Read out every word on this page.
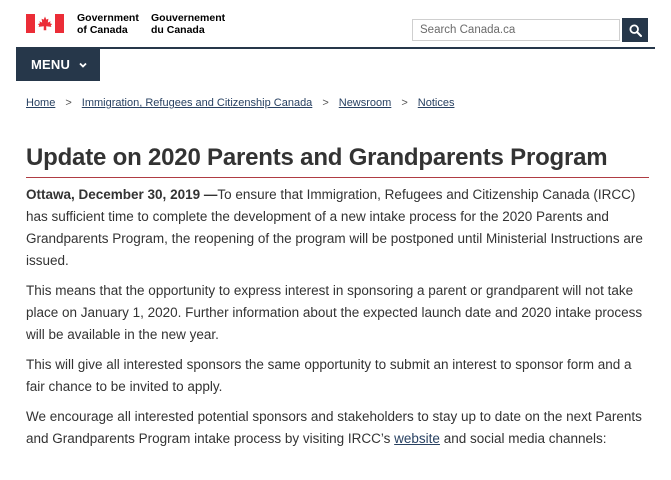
Government
of Canada
Gouvernement
du Canada
Search Canada.ca
MENU
Home > Immigration, Refugees and Citizenship Canada > Newsroom > Notices
Update on 2020 Parents and Grandparents Program

Ottawa, December 30, 2019 —To ensure that Immigration, Refugees and Citizenship Canada (IRCC) has sufficient time to complete the development of a new intake process for the 2020 Parents and Grandparents Program, the reopening of the program will be postponed until Ministerial Instructions are issued.

This means that the opportunity to express interest in sponsoring a parent or grandparent will not take place on January 1, 2020. Further information about the expected launch date and 2020 intake process will be available in the new year.

This will give all interested sponsors the same opportunity to submit an interest to sponsor form and a fair chance to be invited to apply.

We encourage all interested potential sponsors and stakeholders to stay up to date on the next Parents and Grandparents Program intake process by visiting IRCC’s website and social media channels:
